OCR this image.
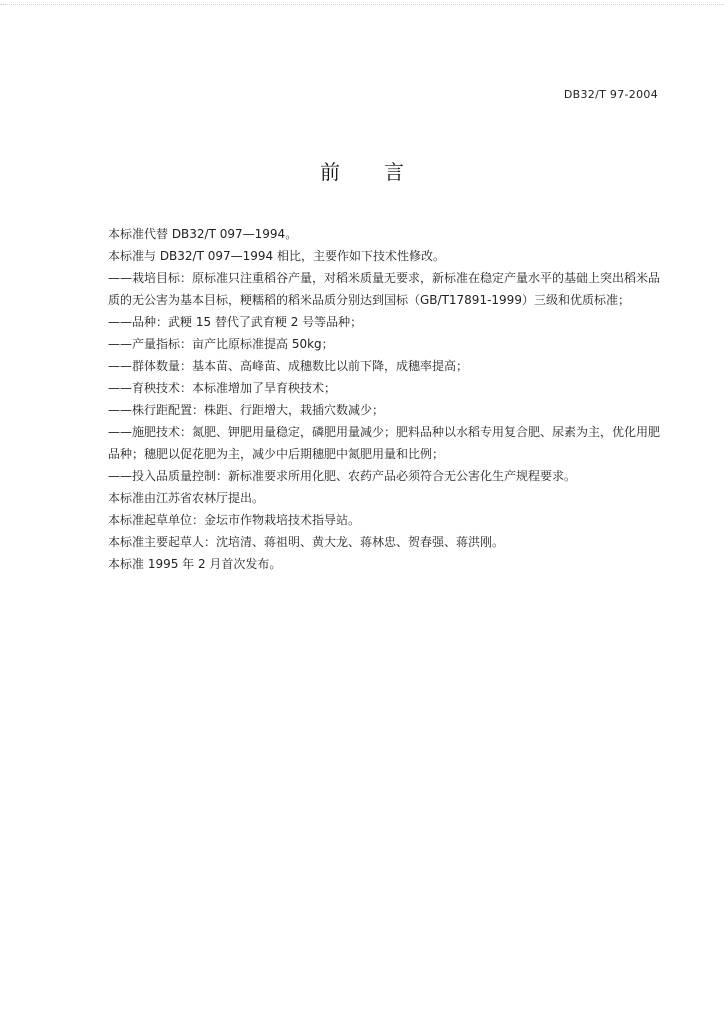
DB32/T 97-2004
前言

本标准代替 DB32/T 097—1994。

本标准与 DB32/T 097—1994 相比，主要作如下技术性修改。

——栽培目标：原标准只注重稻谷产量，对稻米质量无要求，新标准在稳定产量水平的基础上突出稻米品质的无公害为基本目标，粳糯稻的稻米品质分别达到国标（GB/T17891-1999）三级和优质标准；

——品种：武粳 15 替代了武育粳 2 号等品种；

——产量指标：亩产比原标准提高 50kg；

——群体数量：基本苗、高峰苗、成穗数比以前下降，成穗率提高；

——育秧技术：本标准增加了旱育秧技术；

——株行距配置：株距、行距增大，栽插穴数减少；

——施肥技术：氮肥、钾肥用量稳定，磷肥用量减少；肥料品种以水稻专用复合肥、尿素为主，优化用肥品种；穗肥以促花肥为主，减少中后期穗肥中氮肥用量和比例；

——投入品质量控制：新标准要求所用化肥、农药产品必须符合无公害化生产规程要求。

本标准由江苏省农林厅提出。

本标准起草单位：金坛市作物栽培技术指导站。

本标准主要起草人：沈培清、蒋祖明、黄大龙、蒋林忠、贺春强、蒋洪刚。

本标准 1995 年 2 月首次发布。
